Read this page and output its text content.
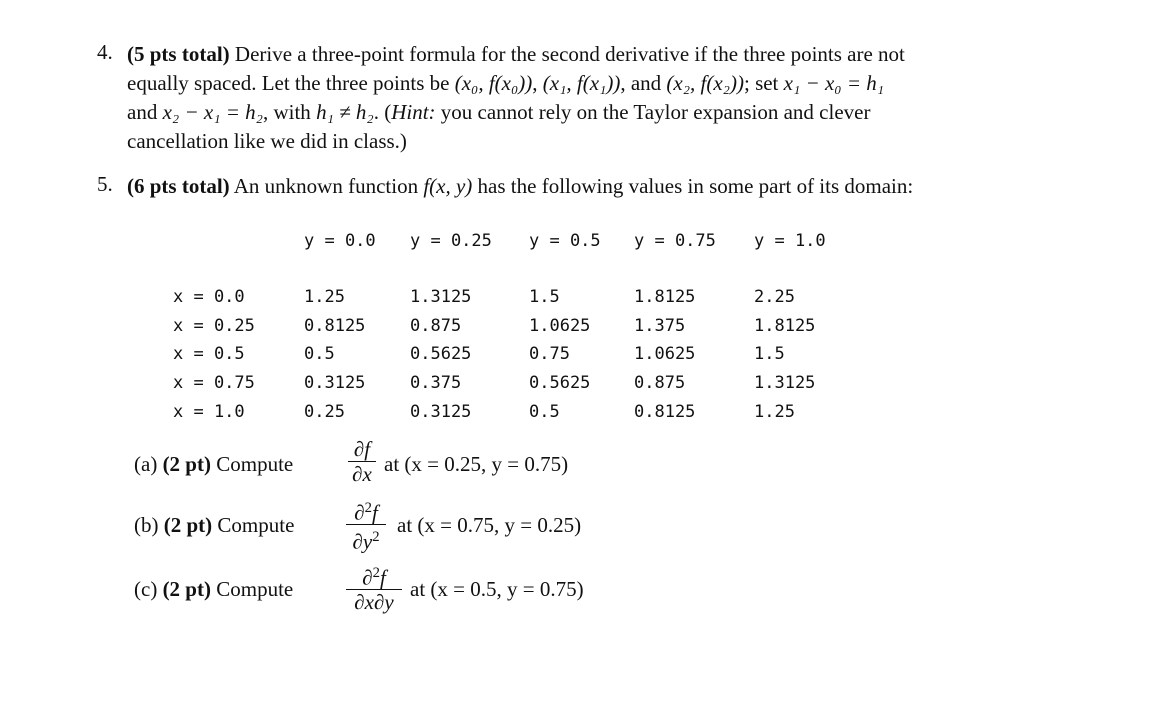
4. (5 pts total) Derive a three-point formula for the second derivative if the three points are not
equally spaced. Let the three points be (x₀, f(x₀)), (x₁, f(x₁)), and (x₂, f(x₂)); set x₁ − x₀ = h₁
and x₂ − x₁ = h₂, with h₁ ≠ h₂. (Hint: you cannot rely on the Taylor expansion and clever
cancellation like we did in class.)
5. (6 pts total) An unknown function f(x, y) has the following values in some part of its domain:
y = 0.0 y = 0.25 y = 0.5 y = 0.75 y = 1.0
x = 0.0	1.25	1.3125	1.5	1.8125	2.25
x = 0.25	0.8125	0.875	1.0625	1.375	1.8125
x = 0.5	0.5	0.5625	0.75	1.0625	1.5
x = 0.75	0.3125	0.375	0.5625	0.875	1.3125
x = 1.0	0.25	0.3125	0.5	0.8125	1.25
(a) (2 pt) Compute
∂f
∂x at (x = 0.25, y = 0.75)
(b) (2 pt) Compute
∂$^2$f
$\partial y^2$
at (x = 0.75, y = 0.25)
(c) (2 pt) Compute	∂$^2$f
∂x∂y
at (x = 0.5, y = 0.75)
